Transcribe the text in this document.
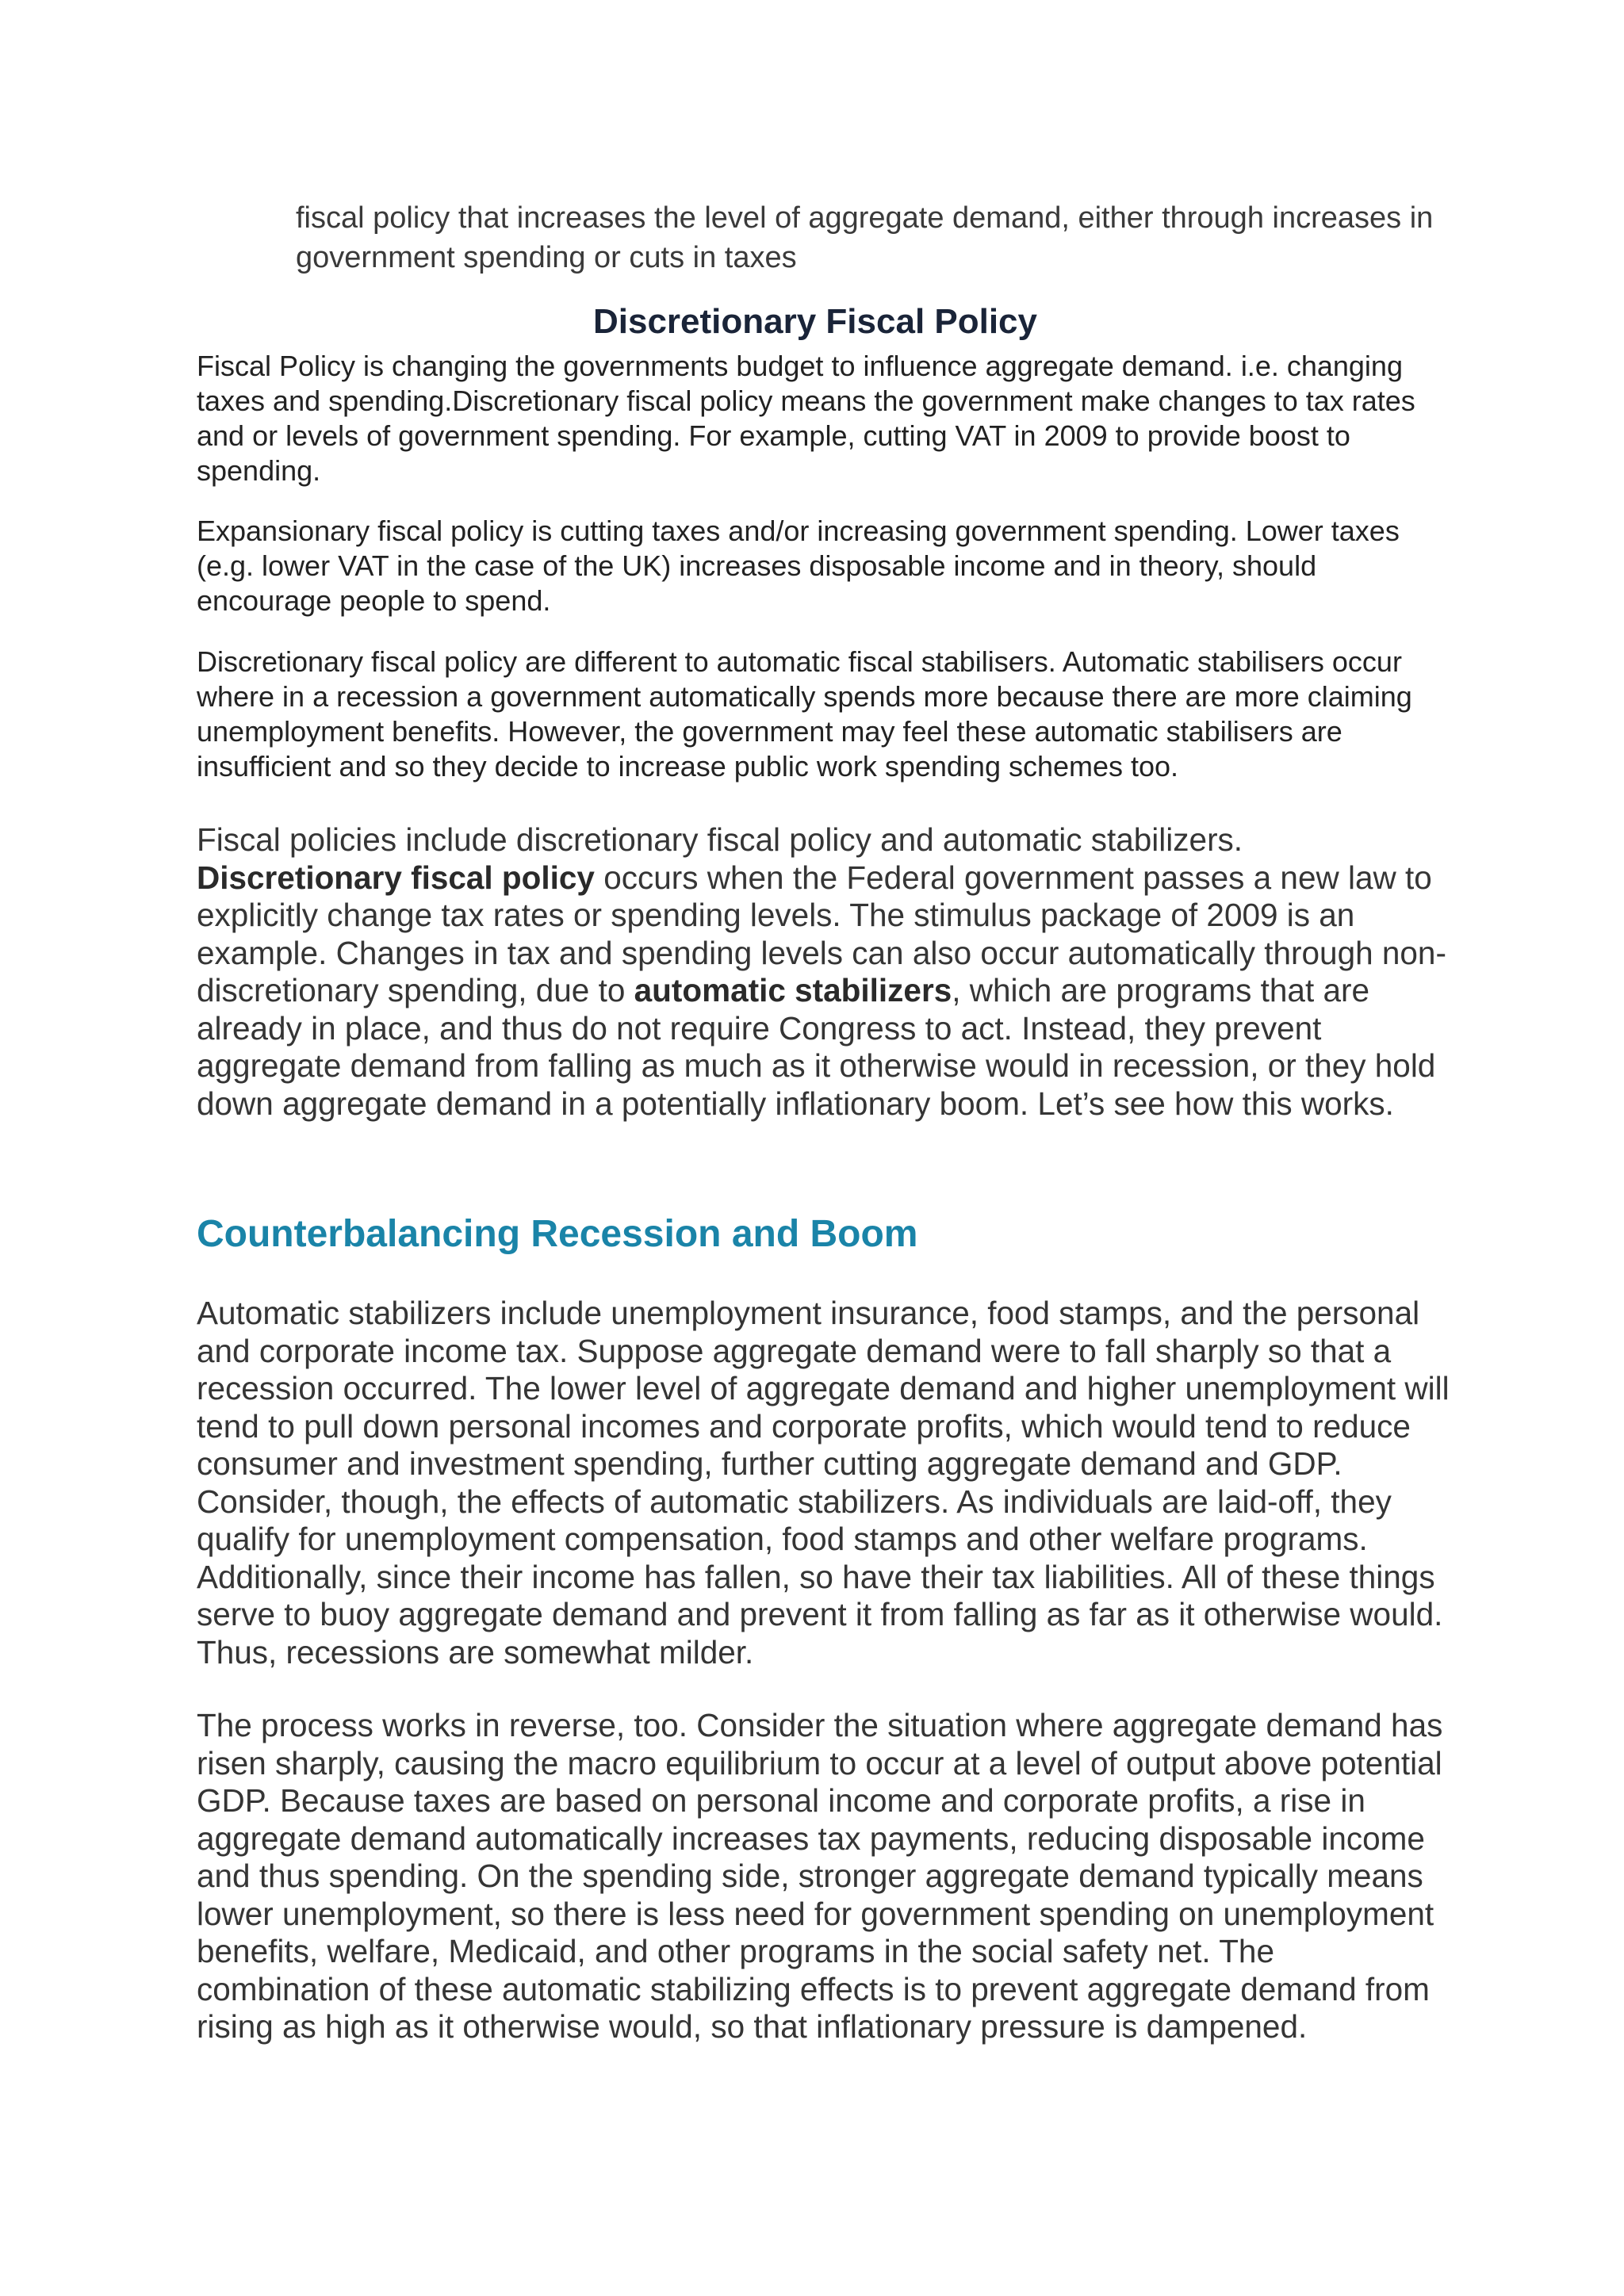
fiscal policy that increases the level of aggregate demand, either through increases in government spending or cuts in taxes

Discretionary Fiscal Policy

Fiscal Policy is changing the governments budget to influence aggregate demand. i.e. changing taxes and spending.Discretionary fiscal policy means the government make changes to tax rates and or levels of government spending. For example, cutting VAT in 2009 to provide boost to spending.

Expansionary fiscal policy is cutting taxes and/or increasing government spending. Lower taxes (e.g. lower VAT in the case of the UK) increases disposable income and in theory, should encourage people to spend.

Discretionary fiscal policy are different to automatic fiscal stabilisers. Automatic stabilisers occur where in a recession a government automatically spends more because there are more claiming unemployment benefits. However, the government may feel these automatic stabilisers are insufficient and so they decide to increase public work spending schemes too.

Fiscal policies include discretionary fiscal policy and automatic stabilizers. Discretionary fiscal policy occurs when the Federal government passes a new law to explicitly change tax rates or spending levels. The stimulus package of 2009 is an example. Changes in tax and spending levels can also occur automatically through non-discretionary spending, due to automatic stabilizers, which are programs that are already in place, and thus do not require Congress to act. Instead, they prevent aggregate demand from falling as much as it otherwise would in recession, or they hold down aggregate demand in a potentially inflationary boom. Let’s see how this works.

Counterbalancing Recession and Boom

Automatic stabilizers include unemployment insurance, food stamps, and the personal and corporate income tax. Suppose aggregate demand were to fall sharply so that a recession occurred. The lower level of aggregate demand and higher unemployment will tend to pull down personal incomes and corporate profits, which would tend to reduce consumer and investment spending, further cutting aggregate demand and GDP. Consider, though, the effects of automatic stabilizers. As individuals are laid-off, they qualify for unemployment compensation, food stamps and other welfare programs. Additionally, since their income has fallen, so have their tax liabilities. All of these things serve to buoy aggregate demand and prevent it from falling as far as it otherwise would. Thus, recessions are somewhat milder.

The process works in reverse, too. Consider the situation where aggregate demand has risen sharply, causing the macro equilibrium to occur at a level of output above potential GDP. Because taxes are based on personal income and corporate profits, a rise in aggregate demand automatically increases tax payments, reducing disposable income and thus spending. On the spending side, stronger aggregate demand typically means lower unemployment, so there is less need for government spending on unemployment benefits, welfare, Medicaid, and other programs in the social safety net. The combination of these automatic stabilizing effects is to prevent aggregate demand from rising as high as it otherwise would, so that inflationary pressure is dampened.
